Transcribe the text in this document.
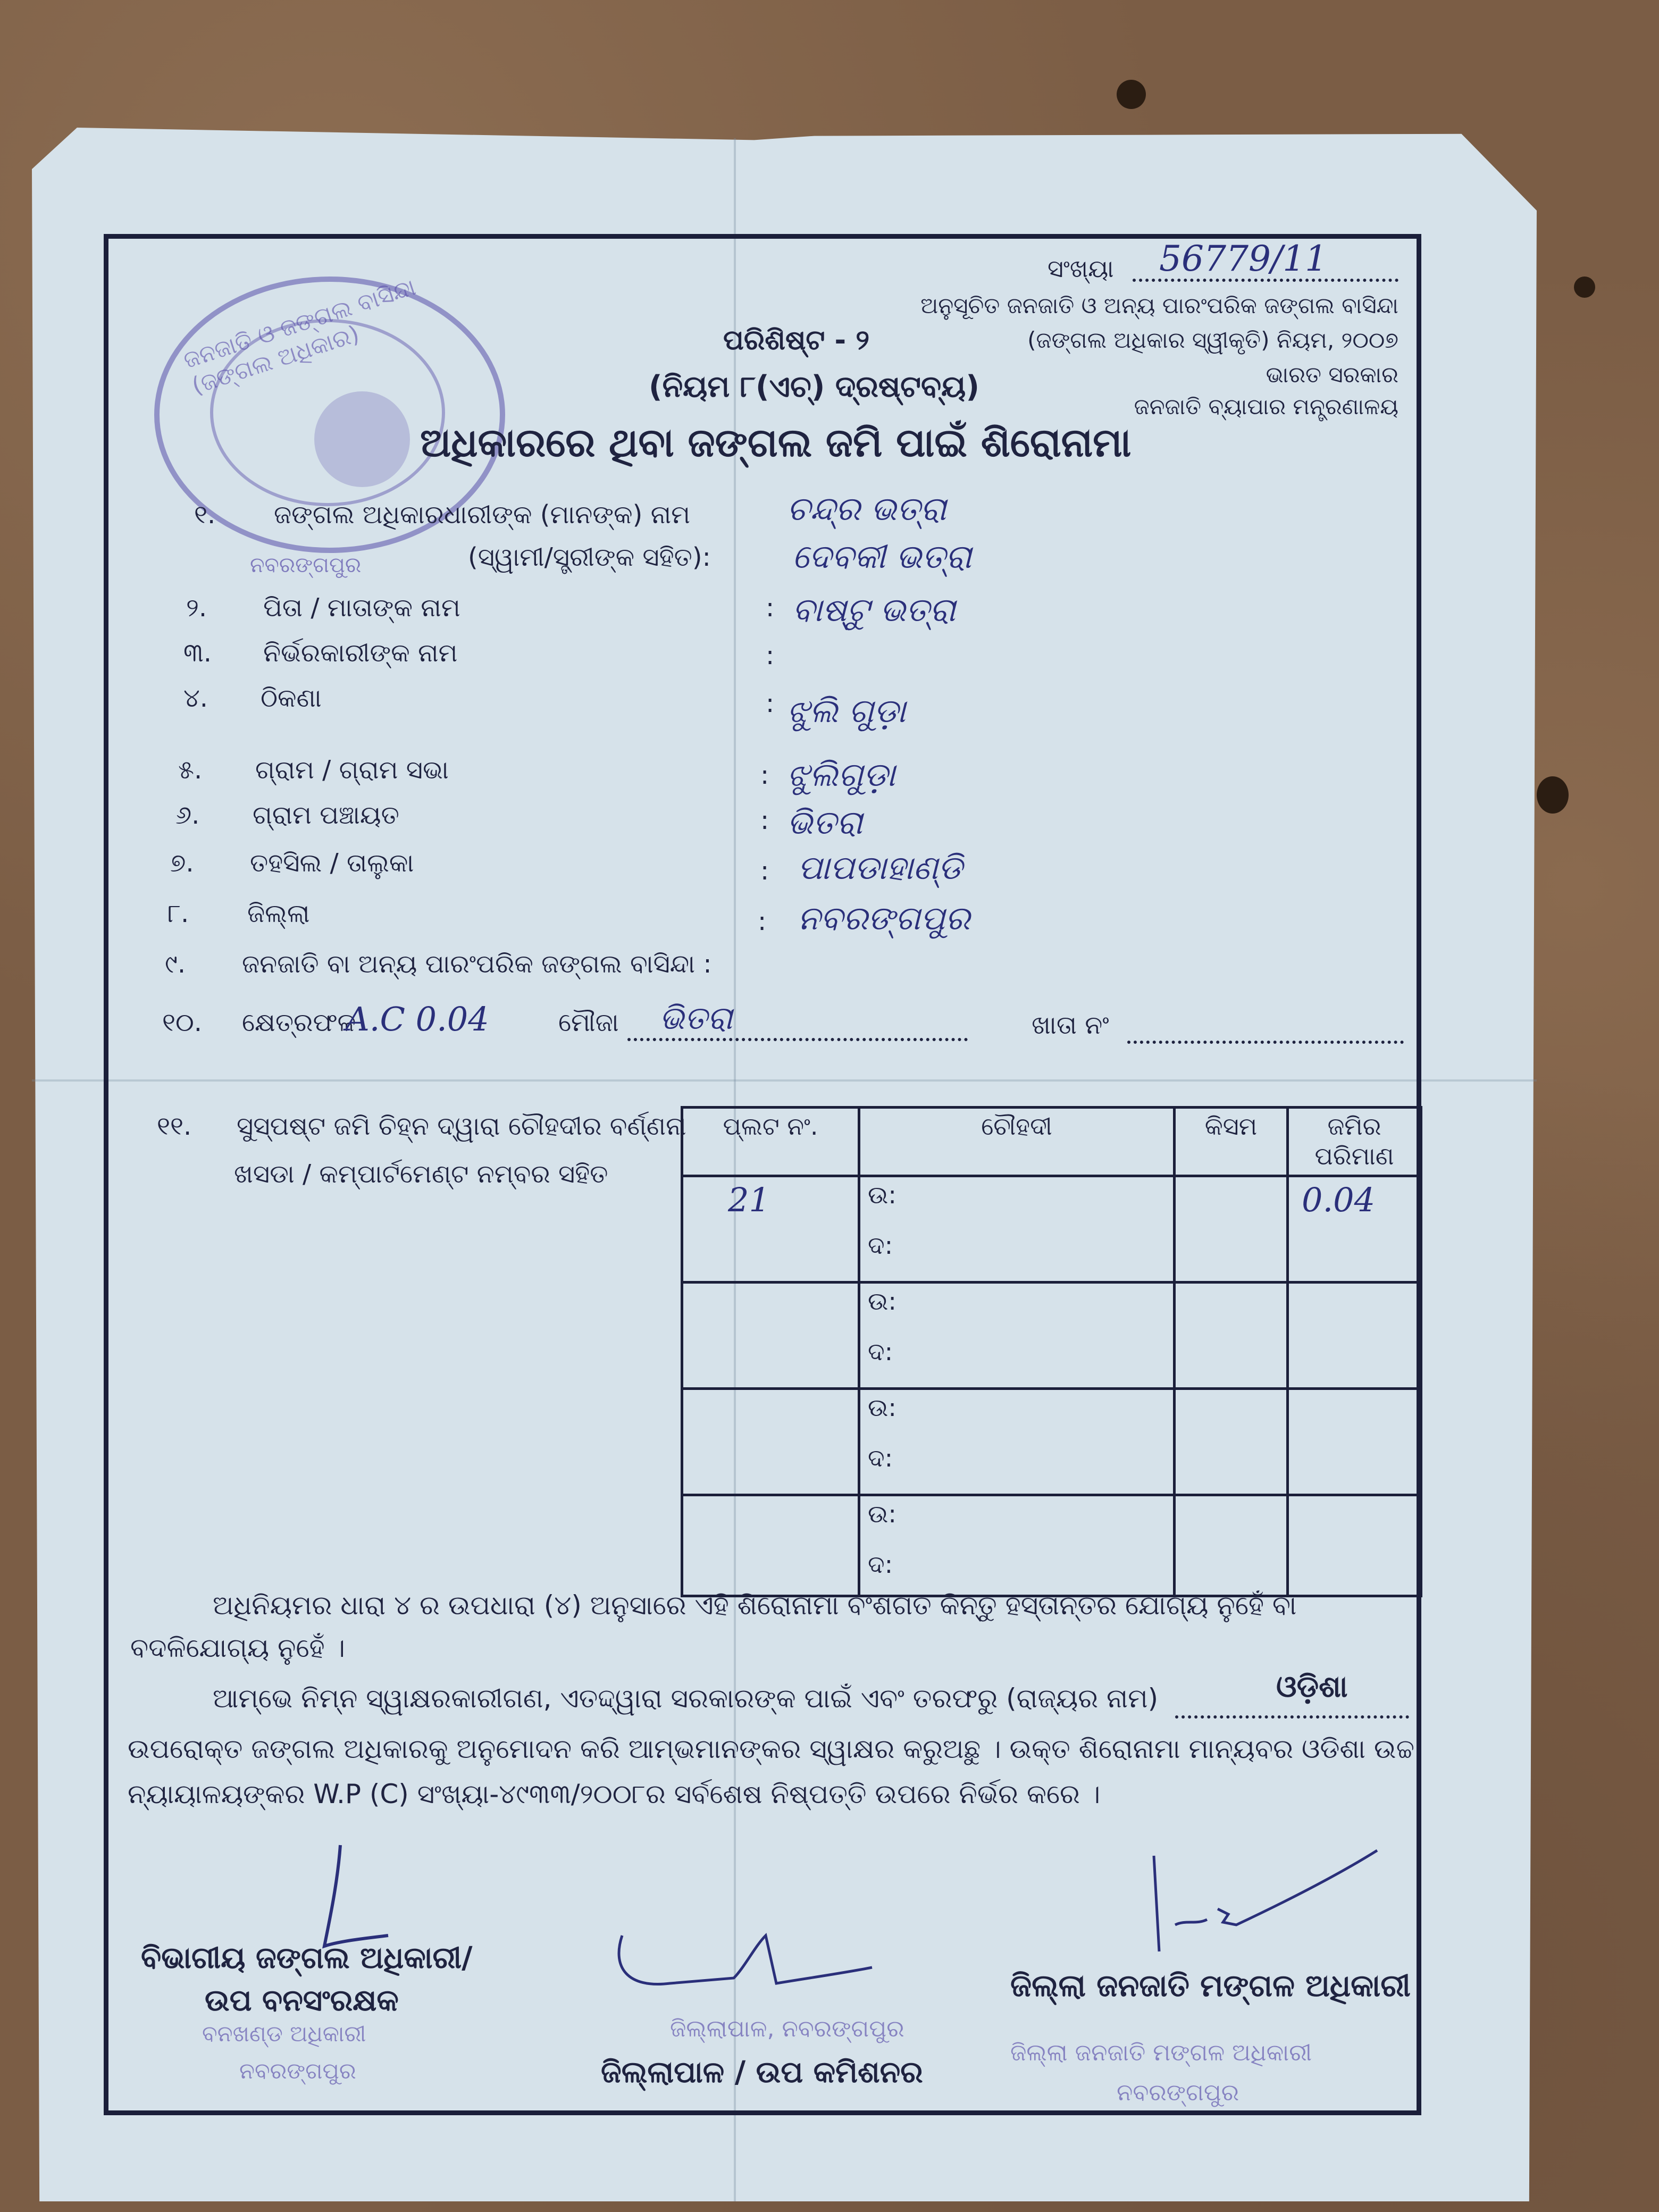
ଜନଜାତି ଓ ଜଙ୍ଗଲ ବାସିନ୍ଦା (ଜଙ୍ଗଲ ଅଧିକାର)
ନବରଙ୍ଗପୁର
ସଂଖ୍ୟା 56779/11
ଅନୁସୂଚିତ ଜନଜାତି ଓ ଅନ୍ୟ ପାରଂପରିକ ଜଙ୍ଗଲ ବାସିନ୍ଦା
(ଜଙ୍ଗଲ ଅଧିକାର ସ୍ୱୀକୃତି) ନିୟମ, ୨୦୦୭
ଭାରତ ସରକାର
ଜନଜାତି ବ୍ୟାପାର ମନ୍ତ୍ରଣାଳୟ
ପରିଶିଷ୍ଟ - ୨
(ନିୟମ ୮(ଏଚ୍) ଦ୍ରଷ୍ଟବ୍ୟ)
ଅଧିକାରରେ ଥିବା ଜଙ୍ଗଲ ଜମି ପାଇଁ ଶିରୋନାମା
୧. ଜଙ୍ଗଲ ଅଧିକାରଧାରୀଙ୍କ (ମାନଙ୍କ) ନାମ
(ସ୍ୱାମୀ/ସ୍ତ୍ରୀଙ୍କ ସହିତ):
ଚନ୍ଦ୍ର ଭତ୍ରା
ଦେବକୀ ଭତ୍ରା
୨. ପିତା / ମାତାଙ୍କ ନାମ	: ବାଷ୍ଟୁ ଭତ୍ରା
୩. ନିର୍ଭରକାରୀଙ୍କ ନାମ	:
୪. ଠିକଣା	: ଝୁଲି ଗୁଡ଼ା
୫. ଗ୍ରାମ / ଗ୍ରାମ ସଭା	: ଝୁଲିଗୁଡ଼ା
୬. ଗ୍ରାମ ପଞ୍ଚାୟତ	: ଭିତରା
୭. ତହସିଲ / ତାଲୁକା	: ପାପଡାହାଣ୍ଡି
୮. ଜିଲ୍ଲା	: ନବରଙ୍ଗପୁର
୯. ଜନଜାତି ବା ଅନ୍ୟ ପାରଂପରିକ ଜଙ୍ଗଲ ବାସିନ୍ଦା :
୧୦. କ୍ଷେତ୍ରଫଳ
A.C 0.04	ମୌଜା ଭିତରା	ଖାତା ନଂ
୧୧. ସୁସ୍ପଷ୍ଟ ଜମି ଚିହ୍ନ ଦ୍ୱାରା ଚୌହଦୀର ବର୍ଣ୍ଣନା
ଖସଡା / କମ୍ପାର୍ଟମେଣ୍ଟ ନମ୍ବର ସହିତ
ପ୍ଲଟ ନଂ.	ଚୌହଦୀ	କିସମ	ଜମିର ପରିମାଣ
21	ଉ:
ଦ:		0.04

	ଉ:
ଦ:		

	ଉ:
ଦ:		

	ଉ:
ଦ:		

ଅଧିନିୟମର ଧାରା ୪ ର ଉପଧାରା (୪) ଅନୁସାରେ ଏହି ଶିରୋନାମା ବଂଶଗତ କିନ୍ତୁ ହସ୍ତାନ୍ତର ଯୋଗ୍ୟ ନୁହେଁ ବା
ବଦଳିଯୋଗ୍ୟ ନୁହେଁ ।
ଆମ୍ଭେ ନିମ୍ନ ସ୍ୱାକ୍ଷରକାରୀଗଣ, ଏତଦ୍ଦ୍ୱାରା ସରକାରଙ୍କ ପାଇଁ ଏବଂ ତରଫରୁ (ରାଜ୍ୟର ନାମ)	ଓଡ଼ିଶା
ଉପରୋକ୍ତ ଜଙ୍ଗଲ ଅଧିକାରକୁ ଅନୁମୋଦନ କରି ଆମ୍ଭମାନଙ୍କର ସ୍ୱାକ୍ଷର କରୁଅଛୁ । ଉକ୍ତ ଶିରୋନାମା ମାନ୍ୟବର ଓଡିଶା ଉଚ୍ଚ
ନ୍ୟାୟାଳୟଙ୍କର W.P (C) ସଂଖ୍ୟା-୪୯୩୩/୨୦୦୮ର ସର୍ବଶେଷ ନିଷ୍ପତ୍ତି ଉପରେ ନିର୍ଭର କରେ ।
ବିଭାଗୀୟ ଜଙ୍ଗଲ ଅଧିକାରୀ/
ଉପ ବନସଂରକ୍ଷକ
ବନଖଣ୍ଡ ଅଧିକାରୀ
ନବରଙ୍ଗପୁର
ଜିଲ୍ଲାପାଳ, ନବରଙ୍ଗପୁର
ଜିଲ୍ଲାପାଳ / ଉପ କମିଶନର
ଜିଲ୍ଲା ଜନଜାତି ମଙ୍ଗଳ ଅଧିକାରୀ
ଜିଲ୍ଲା ଜନଜାତି ମଙ୍ଗଳ ଅଧିକାରୀ
ନବରଙ୍ଗପୁର
